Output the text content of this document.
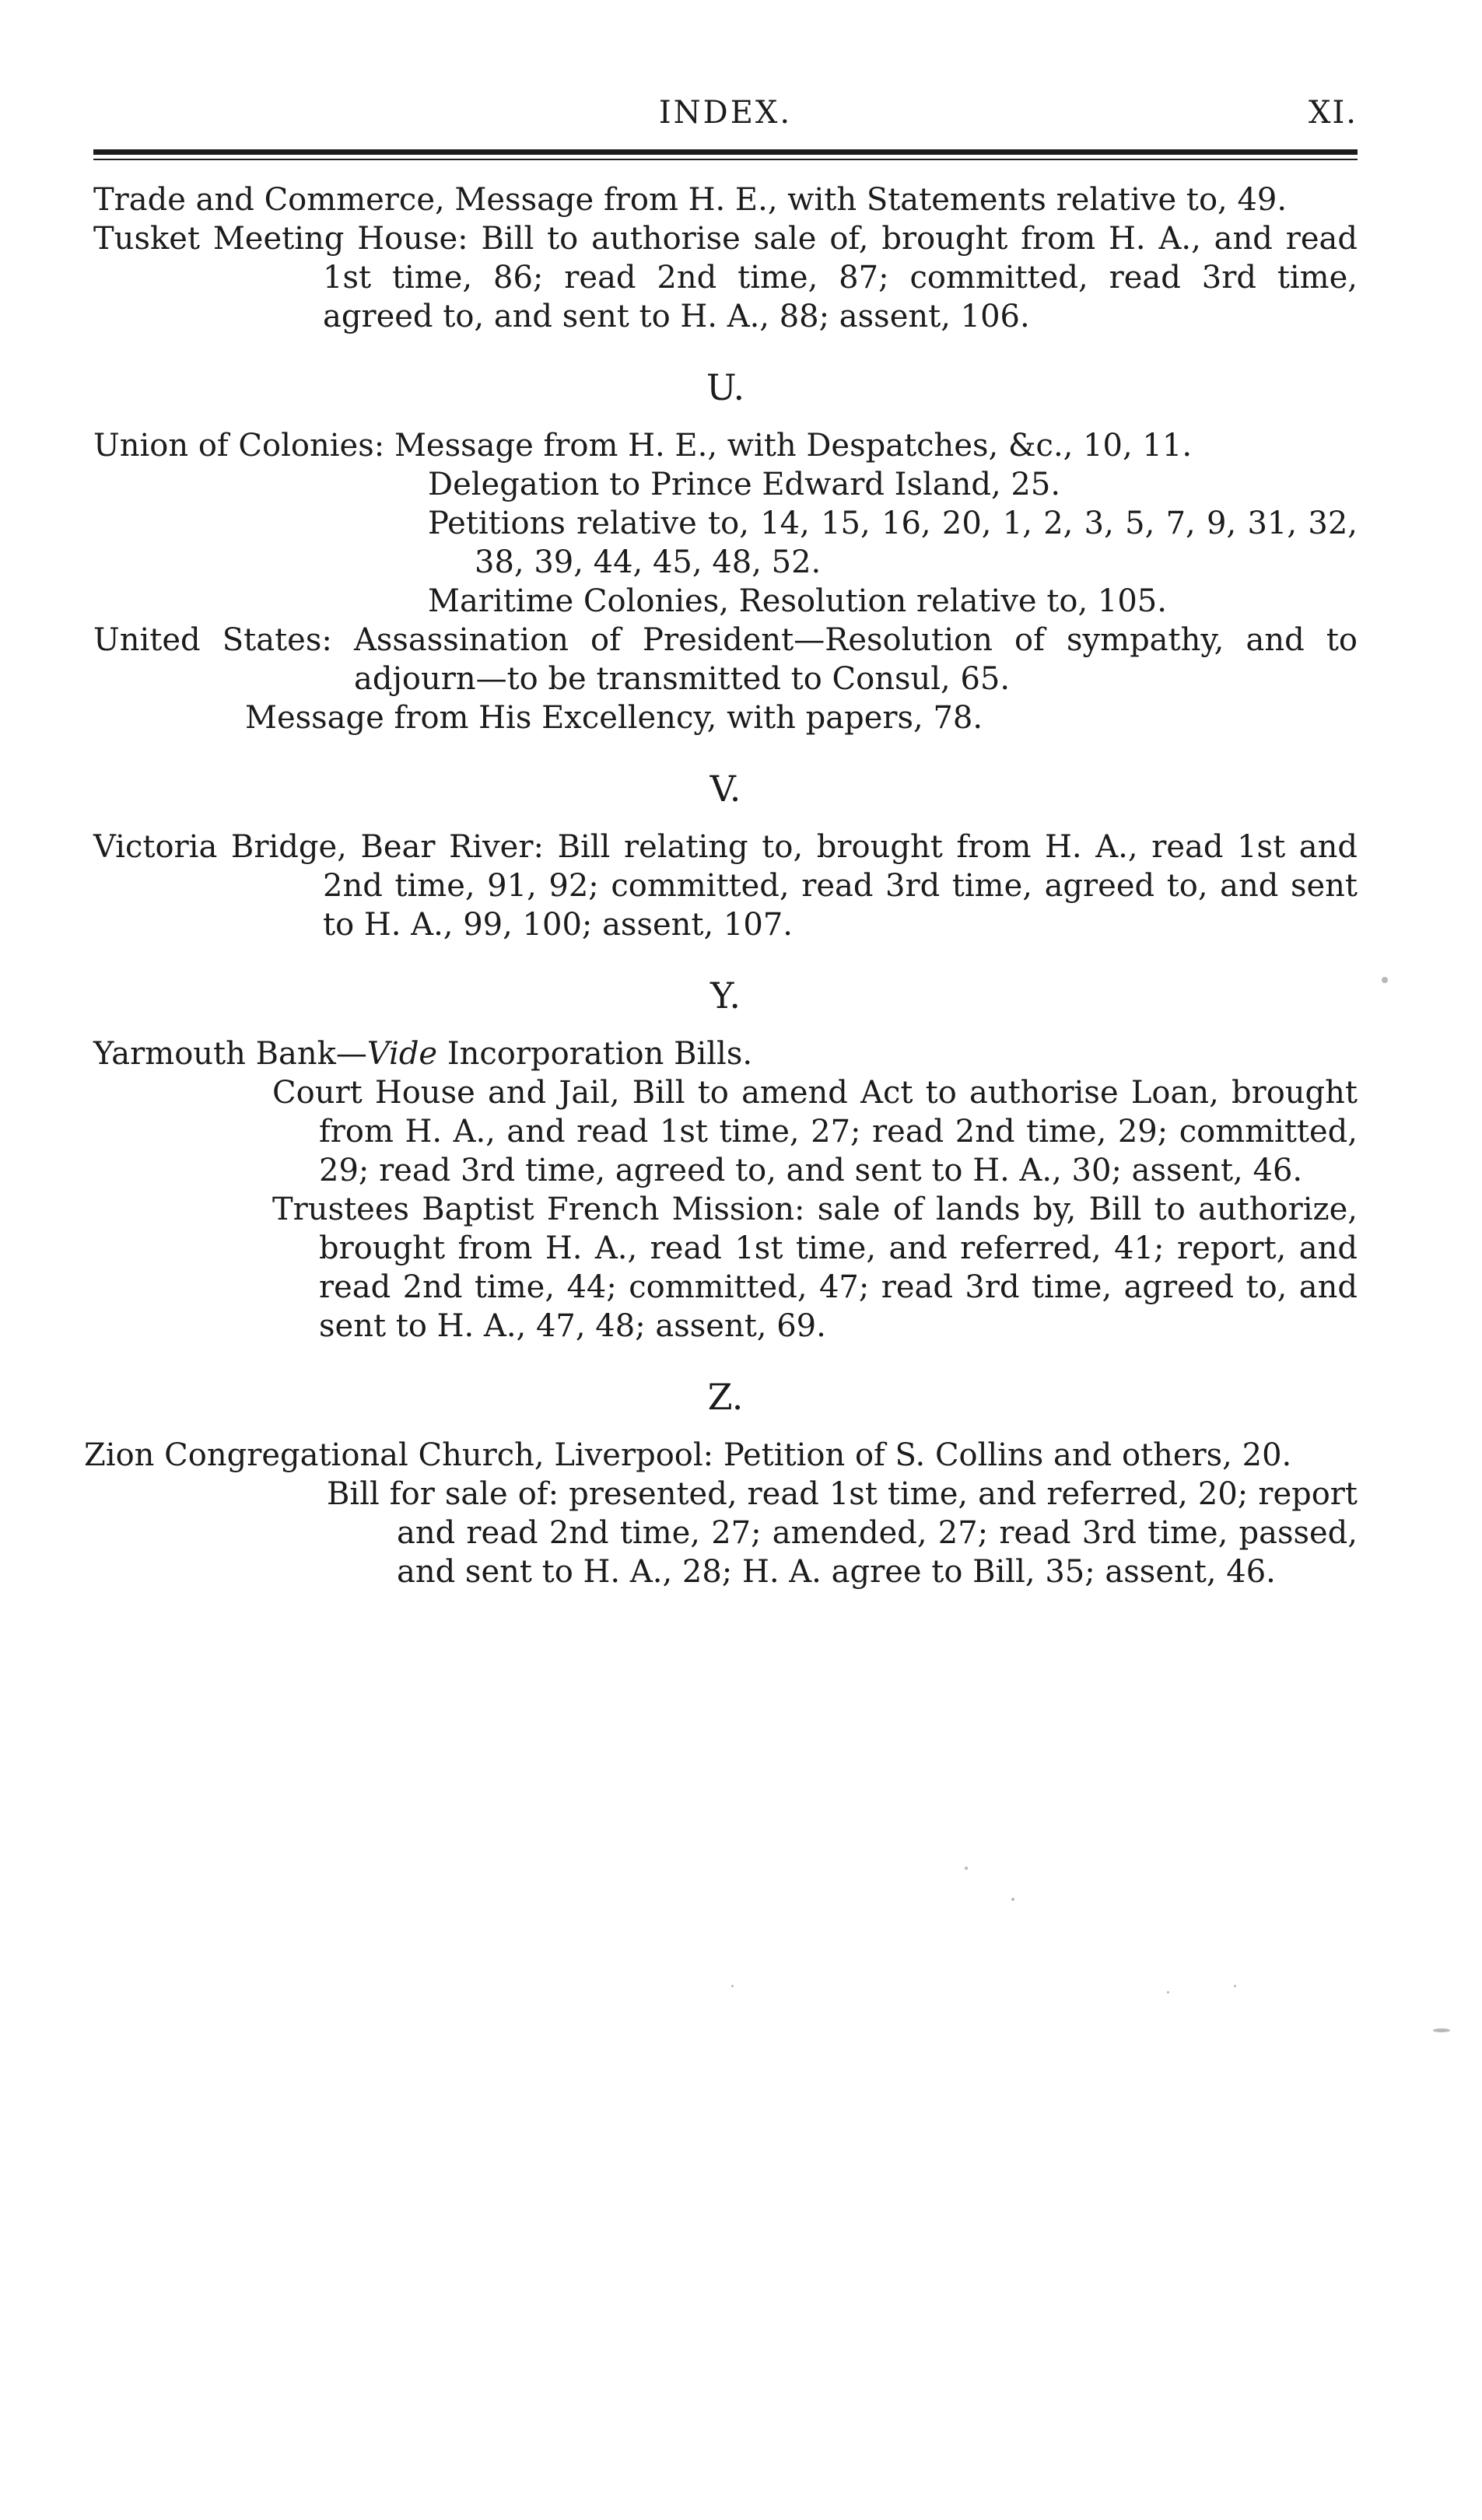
INDEX.	XI.

Trade and Commerce, Message from H. E., with Statements relative to, 49.

Tusket Meeting House: Bill to authorise sale of, brought from H. A., and read 1st time, 86; read 2nd time, 87; committed, read 3rd time, agreed to, and sent to H. A., 88; assent, 106.

U.

Union of Colonies: Message from H. E., with Despatches, &c., 10, 11.

Delegation to Prince Edward Island, 25.

Petitions relative to, 14, 15, 16, 20, 1, 2, 3, 5, 7, 9, 31, 32, 38, 39, 44, 45, 48, 52.

Maritime Colonies, Resolution relative to, 105.

United States: Assassination of President—Resolution of sympathy, and to adjourn—to be transmitted to Consul, 65.

Message from His Excellency, with papers, 78.

V.

Victoria Bridge, Bear River: Bill relating to, brought from H. A., read 1st and 2nd time, 91, 92; committed, read 3rd time, agreed to, and sent to H. A., 99, 100; assent, 107.

Y.

Yarmouth Bank—Vide Incorporation Bills.

Court House and Jail, Bill to amend Act to authorise Loan, brought from H. A., and read 1st time, 27; read 2nd time, 29; committed, 29; read 3rd time, agreed to, and sent to H. A., 30; assent, 46.

Trustees Baptist French Mission: sale of lands by, Bill to authorize, brought from H. A., read 1st time, and referred, 41; report, and read 2nd time, 44; committed, 47; read 3rd time, agreed to, and sent to H. A., 47, 48; assent, 69.

Z.

Zion Congregational Church, Liverpool: Petition of S. Collins and others, 20.

Bill for sale of: presented, read 1st time, and referred, 20; report and read 2nd time, 27; amended, 27; read 3rd time, passed, and sent to H. A., 28; H. A. agree to Bill, 35; assent, 46.
